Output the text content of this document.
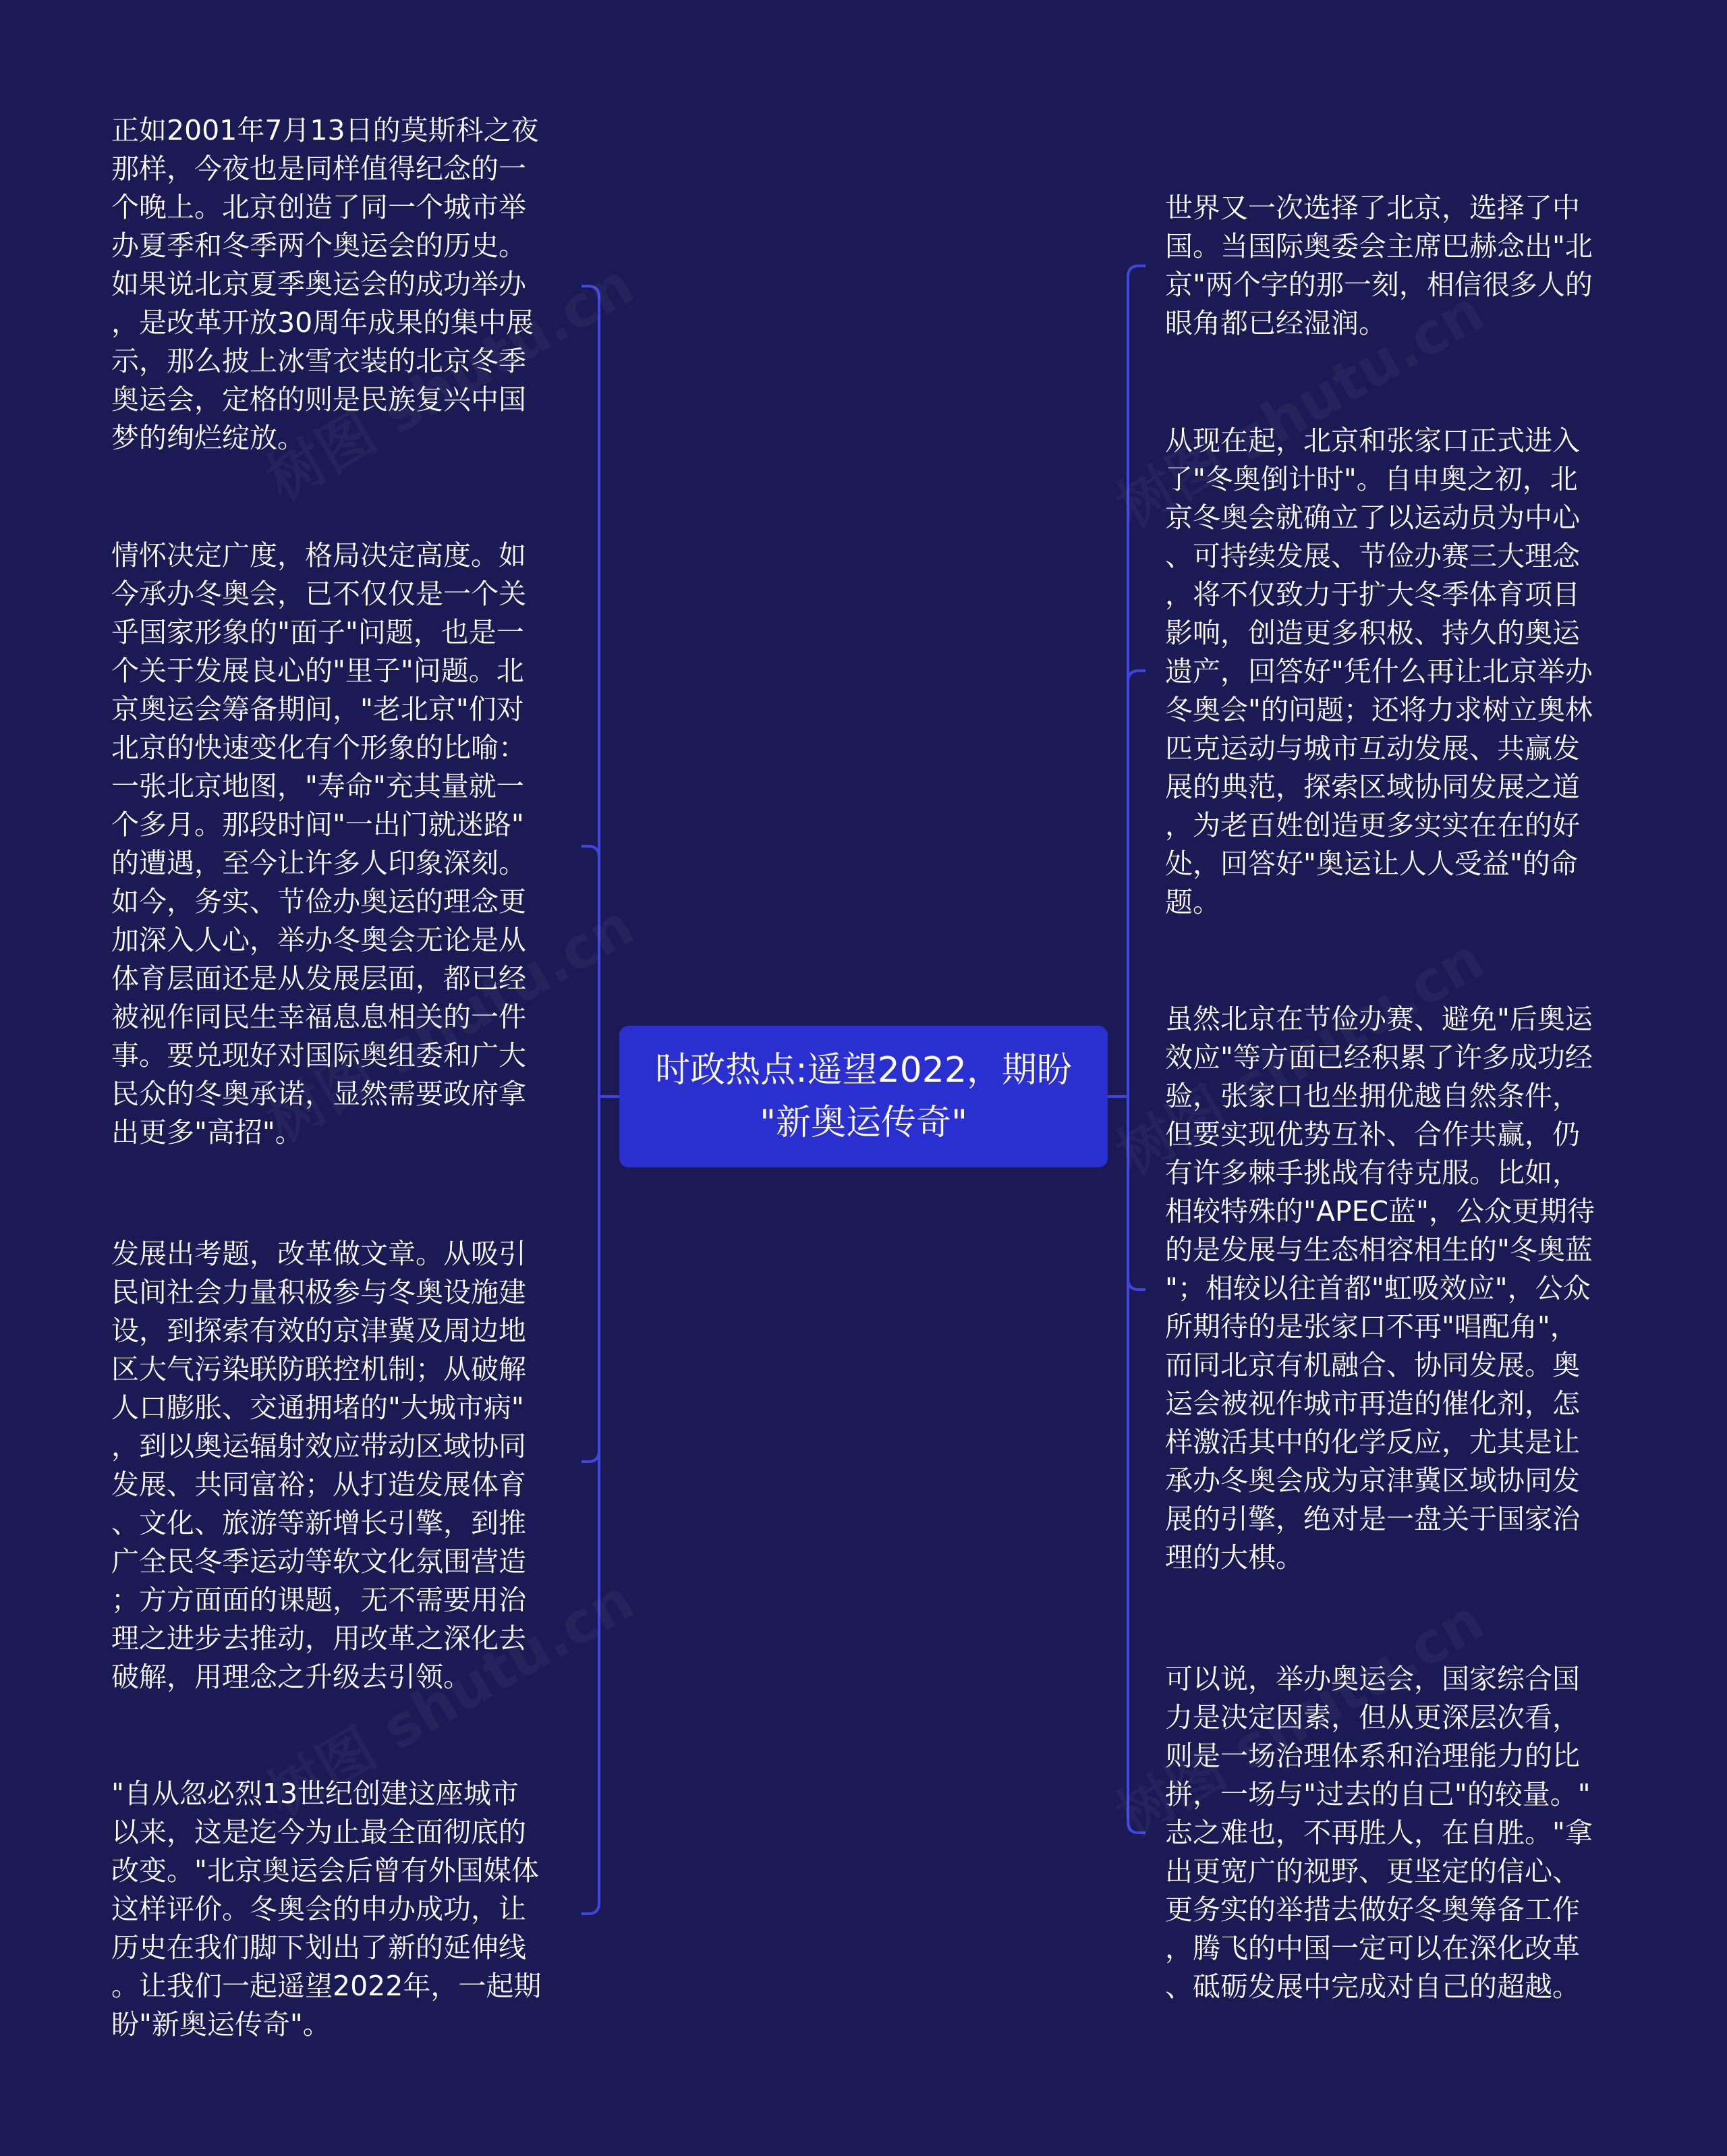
时政热点:遥望2022，期盼
"新奥运传奇"
正如2001年7月13日的莫斯科之夜
那样，今夜也是同样值得纪念的一
个晚上。北京创造了同一个城市举
办夏季和冬季两个奥运会的历史。
如果说北京夏季奥运会的成功举办
，是改革开放30周年成果的集中展
示，那么披上冰雪衣装的北京冬季
奥运会，定格的则是民族复兴中国
梦的绚烂绽放。
情怀决定广度，格局决定高度。如
今承办冬奥会，已不仅仅是一个关
乎国家形象的"面子"问题，也是一
个关于发展良心的"里子"问题。北
京奥运会筹备期间，"老北京"们对
北京的快速变化有个形象的比喻：
一张北京地图，"寿命"充其量就一
个多月。那段时间"一出门就迷路"
的遭遇，至今让许多人印象深刻。
如今，务实、节俭办奥运的理念更
加深入人心，举办冬奥会无论是从
体育层面还是从发展层面，都已经
被视作同民生幸福息息相关的一件
事。要兑现好对国际奥组委和广大
民众的冬奥承诺，显然需要政府拿
出更多"高招"。
发展出考题，改革做文章。从吸引
民间社会力量积极参与冬奥设施建
设，到探索有效的京津冀及周边地
区大气污染联防联控机制；从破解
人口膨胀、交通拥堵的"大城市病"
，到以奥运辐射效应带动区域协同
发展、共同富裕；从打造发展体育
、文化、旅游等新增长引擎，到推
广全民冬季运动等软文化氛围营造
；方方面面的课题，无不需要用治
理之进步去推动，用改革之深化去
破解，用理念之升级去引领。
"自从忽必烈13世纪创建这座城市
以来，这是迄今为止最全面彻底的
改变。"北京奥运会后曾有外国媒体
这样评价。冬奥会的申办成功，让
历史在我们脚下划出了新的延伸线
。让我们一起遥望2022年，一起期
盼"新奥运传奇"。
世界又一次选择了北京，选择了中
国。当国际奥委会主席巴赫念出"北
京"两个字的那一刻，相信很多人的
眼角都已经湿润。
从现在起，北京和张家口正式进入
了"冬奥倒计时"。自申奥之初，北
京冬奥会就确立了以运动员为中心
、可持续发展、节俭办赛三大理念
，将不仅致力于扩大冬季体育项目
影响，创造更多积极、持久的奥运
遗产，回答好"凭什么再让北京举办
冬奥会"的问题；还将力求树立奥林
匹克运动与城市互动发展、共赢发
展的典范，探索区域协同发展之道
，为老百姓创造更多实实在在的好
处，回答好"奥运让人人受益"的命
题。
虽然北京在节俭办赛、避免"后奥运
效应"等方面已经积累了许多成功经
验，张家口也坐拥优越自然条件，
但要实现优势互补、合作共赢，仍
有许多棘手挑战有待克服。比如，
相较特殊的"APEC蓝"，公众更期待
的是发展与生态相容相生的"冬奥蓝
"；相较以往首都"虹吸效应"，公众
所期待的是张家口不再"唱配角"，
而同北京有机融合、协同发展。奥
运会被视作城市再造的催化剂，怎
样激活其中的化学反应，尤其是让
承办冬奥会成为京津冀区域协同发
展的引擎，绝对是一盘关于国家治
理的大棋。
可以说，举办奥运会，国家综合国
力是决定因素，但从更深层次看，
则是一场治理体系和治理能力的比
拼，一场与"过去的自己"的较量。"
志之难也，不再胜人，在自胜。"拿
出更宽广的视野、更坚定的信心、
更务实的举措去做好冬奥筹备工作
，腾飞的中国一定可以在深化改革
、砥砺发展中完成对自己的超越。
